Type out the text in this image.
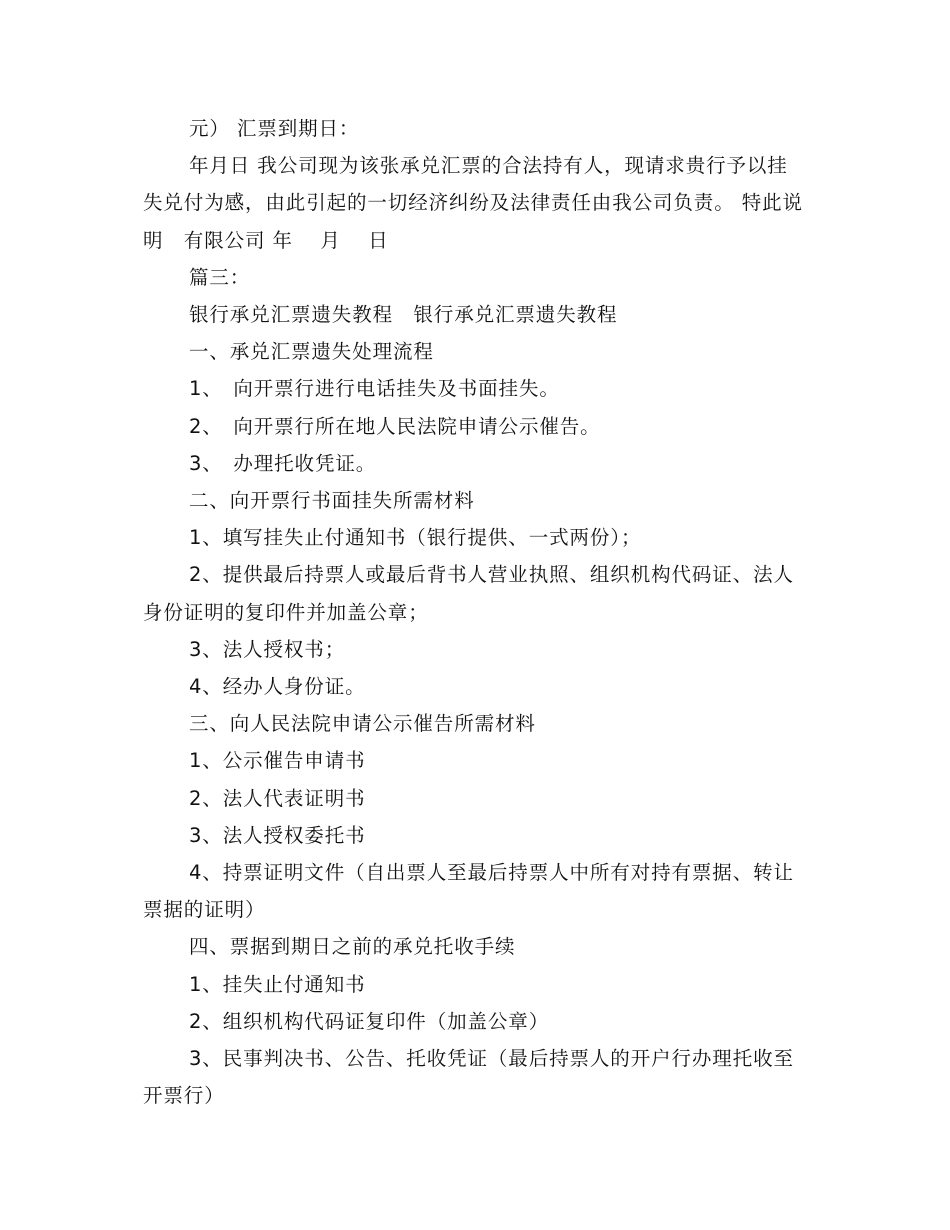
元） 汇票到期日：

年月日 我公司现为该张承兑汇票的合法持有人，现请求贵行予以挂失兑付为感，由此引起的一切经济纠纷及法律责任由我公司负责。 特此说明　有限公司 年　 月　 日

篇三：

银行承兑汇票遗失教程　银行承兑汇票遗失教程

一、承兑汇票遗失处理流程

1、　向开票行进行电话挂失及书面挂失。

2、　向开票行所在地人民法院申请公示催告。

3、　办理托收凭证。

二、向开票行书面挂失所需材料

1、填写挂失止付通知书（银行提供、一式两份）；

2、提供最后持票人或最后背书人营业执照、组织机构代码证、法人身份证明的复印件并加盖公章；

3、法人授权书；

4、经办人身份证。

三、向人民法院申请公示催告所需材料

1、公示催告申请书

2、法人代表证明书

3、法人授权委托书

4、持票证明文件（自出票人至最后持票人中所有对持有票据、转让票据的证明）

四、票据到期日之前的承兑托收手续

1、挂失止付通知书

2、组织机构代码证复印件（加盖公章）

3、民事判决书、公告、托收凭证（最后持票人的开户行办理托收至开票行）
